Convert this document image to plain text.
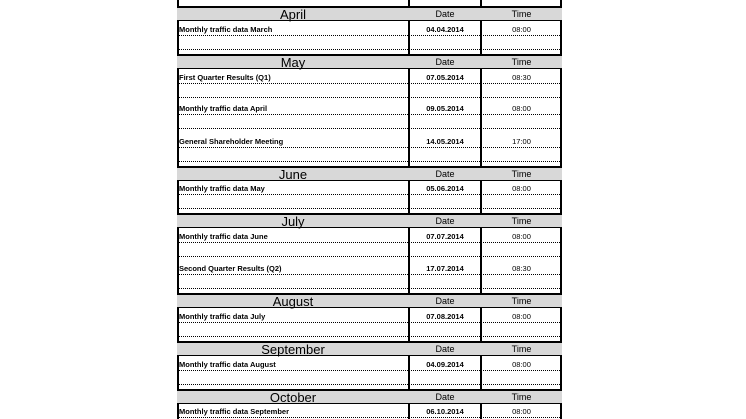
April	Date	Time
Monthly traffic data March	04.04.2014	08:00
May	Date	Time
First Quarter Results (Q1)	07.05.2014	08:30
Monthly traffic data April	09.05.2014	08:00
General Shareholder Meeting	14.05.2014	17:00
June	Date	Time
Monthly traffic data May	05.06.2014	08:00
July	Date	Time
Monthly traffic data June	07.07.2014	08:00
Second Quarter Results (Q2)	17.07.2014	08:30
August	Date	Time
Monthly traffic data July	07.08.2014	08:00
September	Date	Time
Monthly traffic data August	04.09.2014	08:00
October	Date	Time
Monthly traffic data September	06.10.2014	08:00
